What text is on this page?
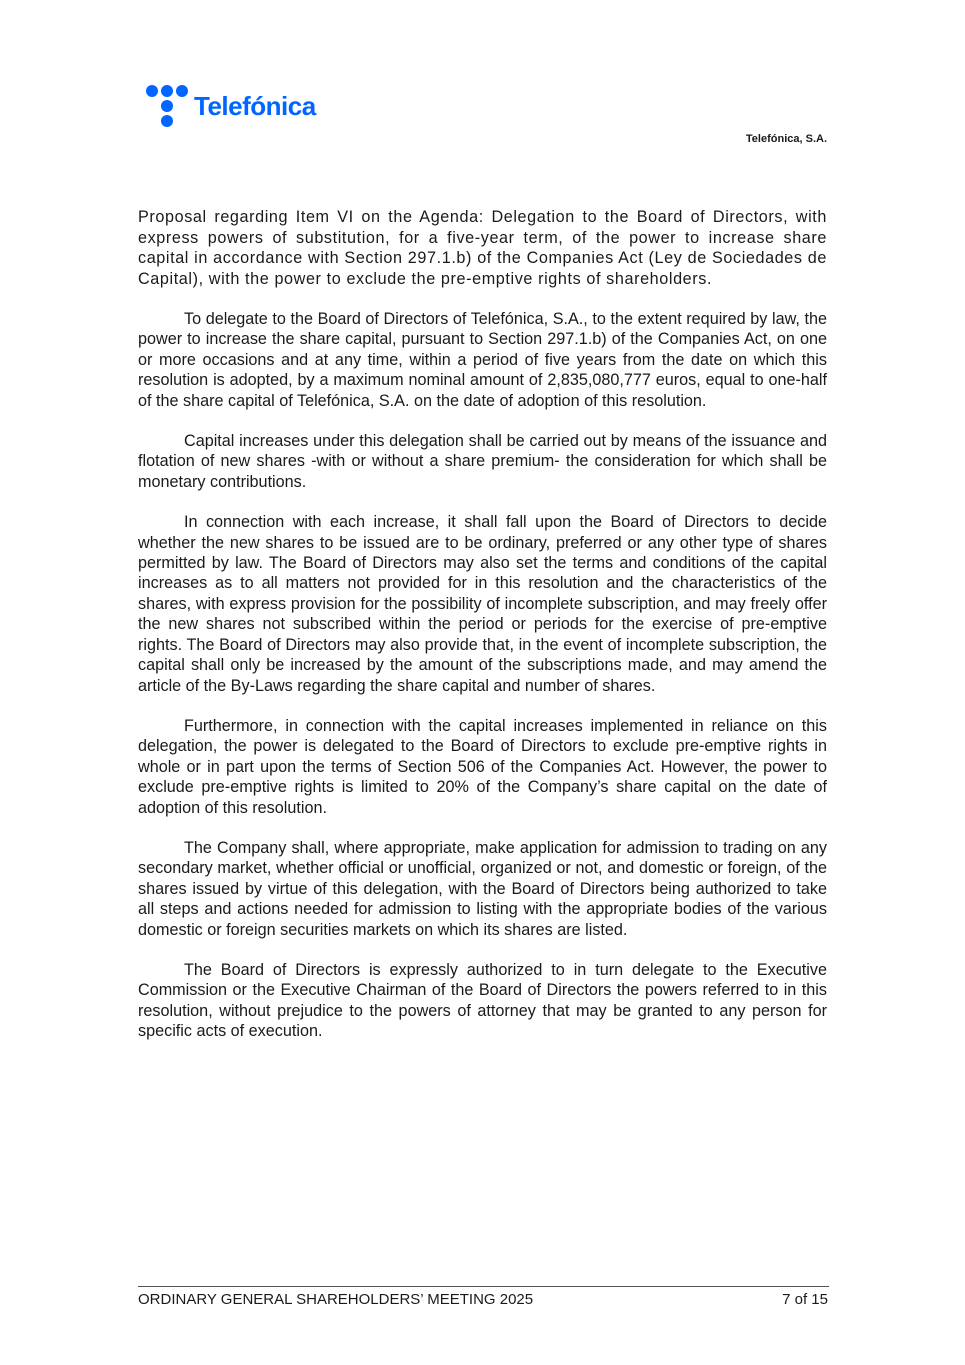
Telefónica
Telefónica, S.A.

Proposal regarding Item VI on the Agenda: Delegation to the Board of Directors, with express powers of substitution, for a five-year term, of the power to increase share capital in accordance with Section 297.1.b) of the Companies Act (Ley de Sociedades de Capital), with the power to exclude the pre-emptive rights of shareholders.

To delegate to the Board of Directors of Telefónica, S.A., to the extent required by law, the power to increase the share capital, pursuant to Section 297.1.b) of the Companies Act, on one or more occasions and at any time, within a period of five years from the date on which this resolution is adopted, by a maximum nominal amount of 2,835,080,777 euros, equal to one-half of the share capital of Telefónica, S.A. on the date of adoption of this resolution.

Capital increases under this delegation shall be carried out by means of the issuance and flotation of new shares -with or without a share premium- the consideration for which shall be monetary contributions.

In connection with each increase, it shall fall upon the Board of Directors to decide whether the new shares to be issued are to be ordinary, preferred or any other type of shares permitted by law. The Board of Directors may also set the terms and conditions of the capital increases as to all matters not provided for in this resolution and the characteristics of the shares, with express provision for the possibility of incomplete subscription, and may freely offer the new shares not subscribed within the period or periods for the exercise of pre-emptive rights. The Board of Directors may also provide that, in the event of incomplete subscription, the capital shall only be increased by the amount of the subscriptions made, and may amend the article of the By-Laws regarding the share capital and number of shares.

Furthermore, in connection with the capital increases implemented in reliance on this delegation, the power is delegated to the Board of Directors to exclude pre-emptive rights in whole or in part upon the terms of Section 506 of the Companies Act. However, the power to exclude pre-emptive rights is limited to 20% of the Company’s share capital on the date of adoption of this resolution.

The Company shall, where appropriate, make application for admission to trading on any secondary market, whether official or unofficial, organized or not, and domestic or foreign, of the shares issued by virtue of this delegation, with the Board of Directors being authorized to take all steps and actions needed for admission to listing with the appropriate bodies of the various domestic or foreign securities markets on which its shares are listed.

The Board of Directors is expressly authorized to in turn delegate to the Executive Commission or the Executive Chairman of the Board of Directors the powers referred to in this resolution, without prejudice to the powers of attorney that may be granted to any person for specific acts of execution.

ORDINARY GENERAL SHAREHOLDERS’ MEETING 2025	7 of 15
